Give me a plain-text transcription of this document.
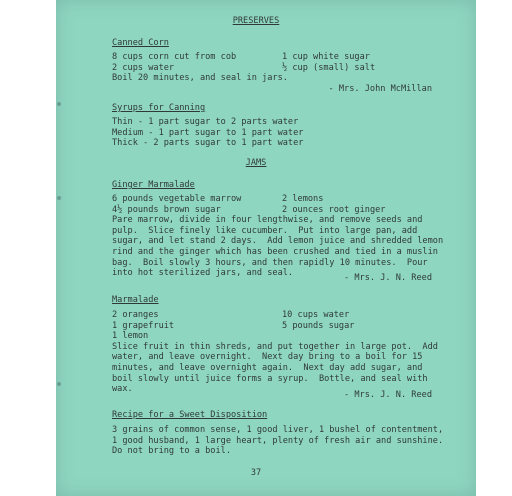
PRESERVES

Canned Corn

8 cups corn cut from cob

2 cups water

1 cup white sugar

½ cup (small) salt

Boil 20 minutes, and seal in jars.

- Mrs. John McMillan

Syrups for Canning

Thin - 1 part sugar to 2 parts water

Medium - 1 part sugar to 1 part water

Thick - 2 parts sugar to 1 part water

JAMS

Ginger Marmalade

6 pounds vegetable marrow

4½ pounds brown sugar

2 lemons

2 ounces root ginger

Pare marrow, divide in four lengthwise, and remove seeds and

pulp.  Slice finely like cucumber.  Put into large pan, add

sugar, and let stand 2 days.  Add lemon juice and shredded lemon

rind and the ginger which has been crushed and tied in a muslin

bag.  Boil slowly 3 hours, and then rapidly 10 minutes.  Pour

into hot sterilized jars, and seal.	- Mrs. J. N. Reed

Marmalade

2 oranges

1 grapefruit

1 lemon

10 cups water

5 pounds sugar

Slice fruit in thin shreds, and put together in large pot.  Add

water, and leave overnight.  Next day bring to a boil for 15

minutes, and leave overnight again.  Next day add sugar, and

boil slowly until juice forms a syrup.  Bottle, and seal with

wax.

- Mrs. J. N. Reed

Recipe for a Sweet Disposition

3 grains of common sense, 1 good liver, 1 bushel of contentment,

1 good husband, 1 large heart, plenty of fresh air and sunshine.

Do not bring to a boil.

37
